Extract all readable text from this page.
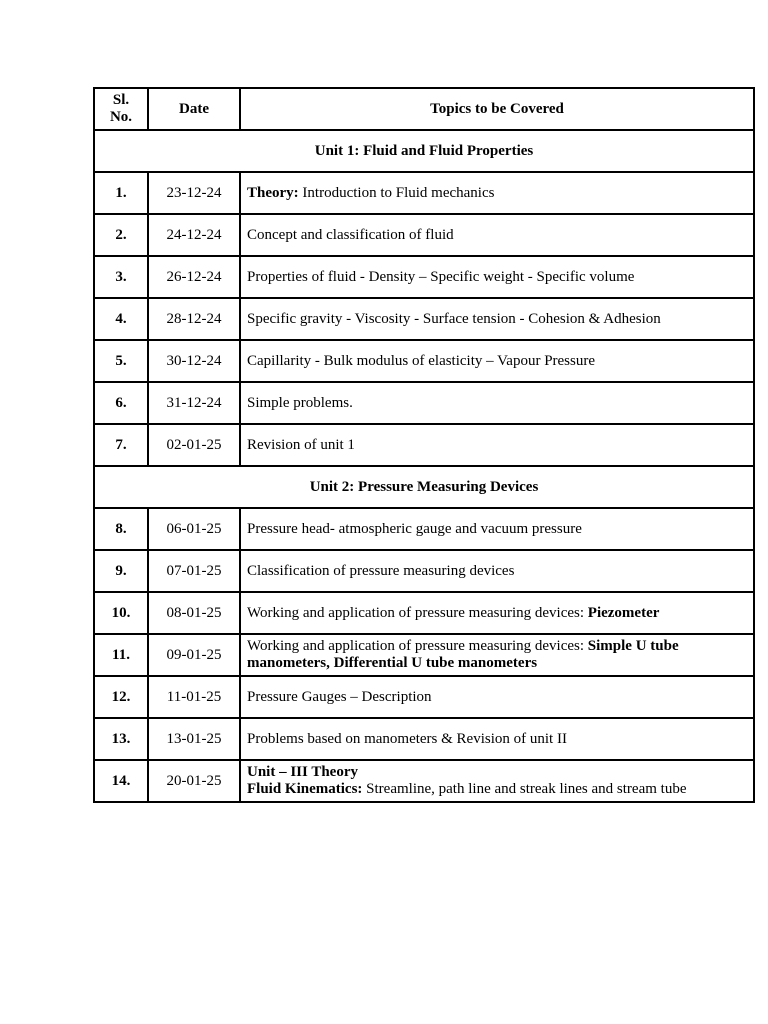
Sl. No.	Date	Topics to be Covered
Unit 1: Fluid and Fluid Properties		
1.	23-12-24	Theory: Introduction to Fluid mechanics
2.	24-12-24	Concept and classification of fluid
3.	26-12-24	Properties of fluid - Density – Specific weight - Specific volume
4.	28-12-24	Specific gravity - Viscosity - Surface tension - Cohesion & Adhesion
5.	30-12-24	Capillarity - Bulk modulus of elasticity – Vapour Pressure
6.	31-12-24	Simple problems.
7.	02-01-25	Revision of unit 1
Unit 2: Pressure Measuring Devices		
8.	06-01-25	Pressure head- atmospheric gauge and vacuum pressure
9.	07-01-25	Classification of pressure measuring devices
10.	08-01-25	Working and application of pressure measuring devices: Piezometer
11.	09-01-25	Working and application of pressure measuring devices: Simple U tube manometers, Differential U tube manometers
12.	11-01-25	Pressure Gauges – Description
13.	13-01-25	Problems based on manometers & Revision of unit II
14.	20-01-25	Unit – III Theory
Fluid Kinematics: Streamline, path line and streak lines and stream tube
